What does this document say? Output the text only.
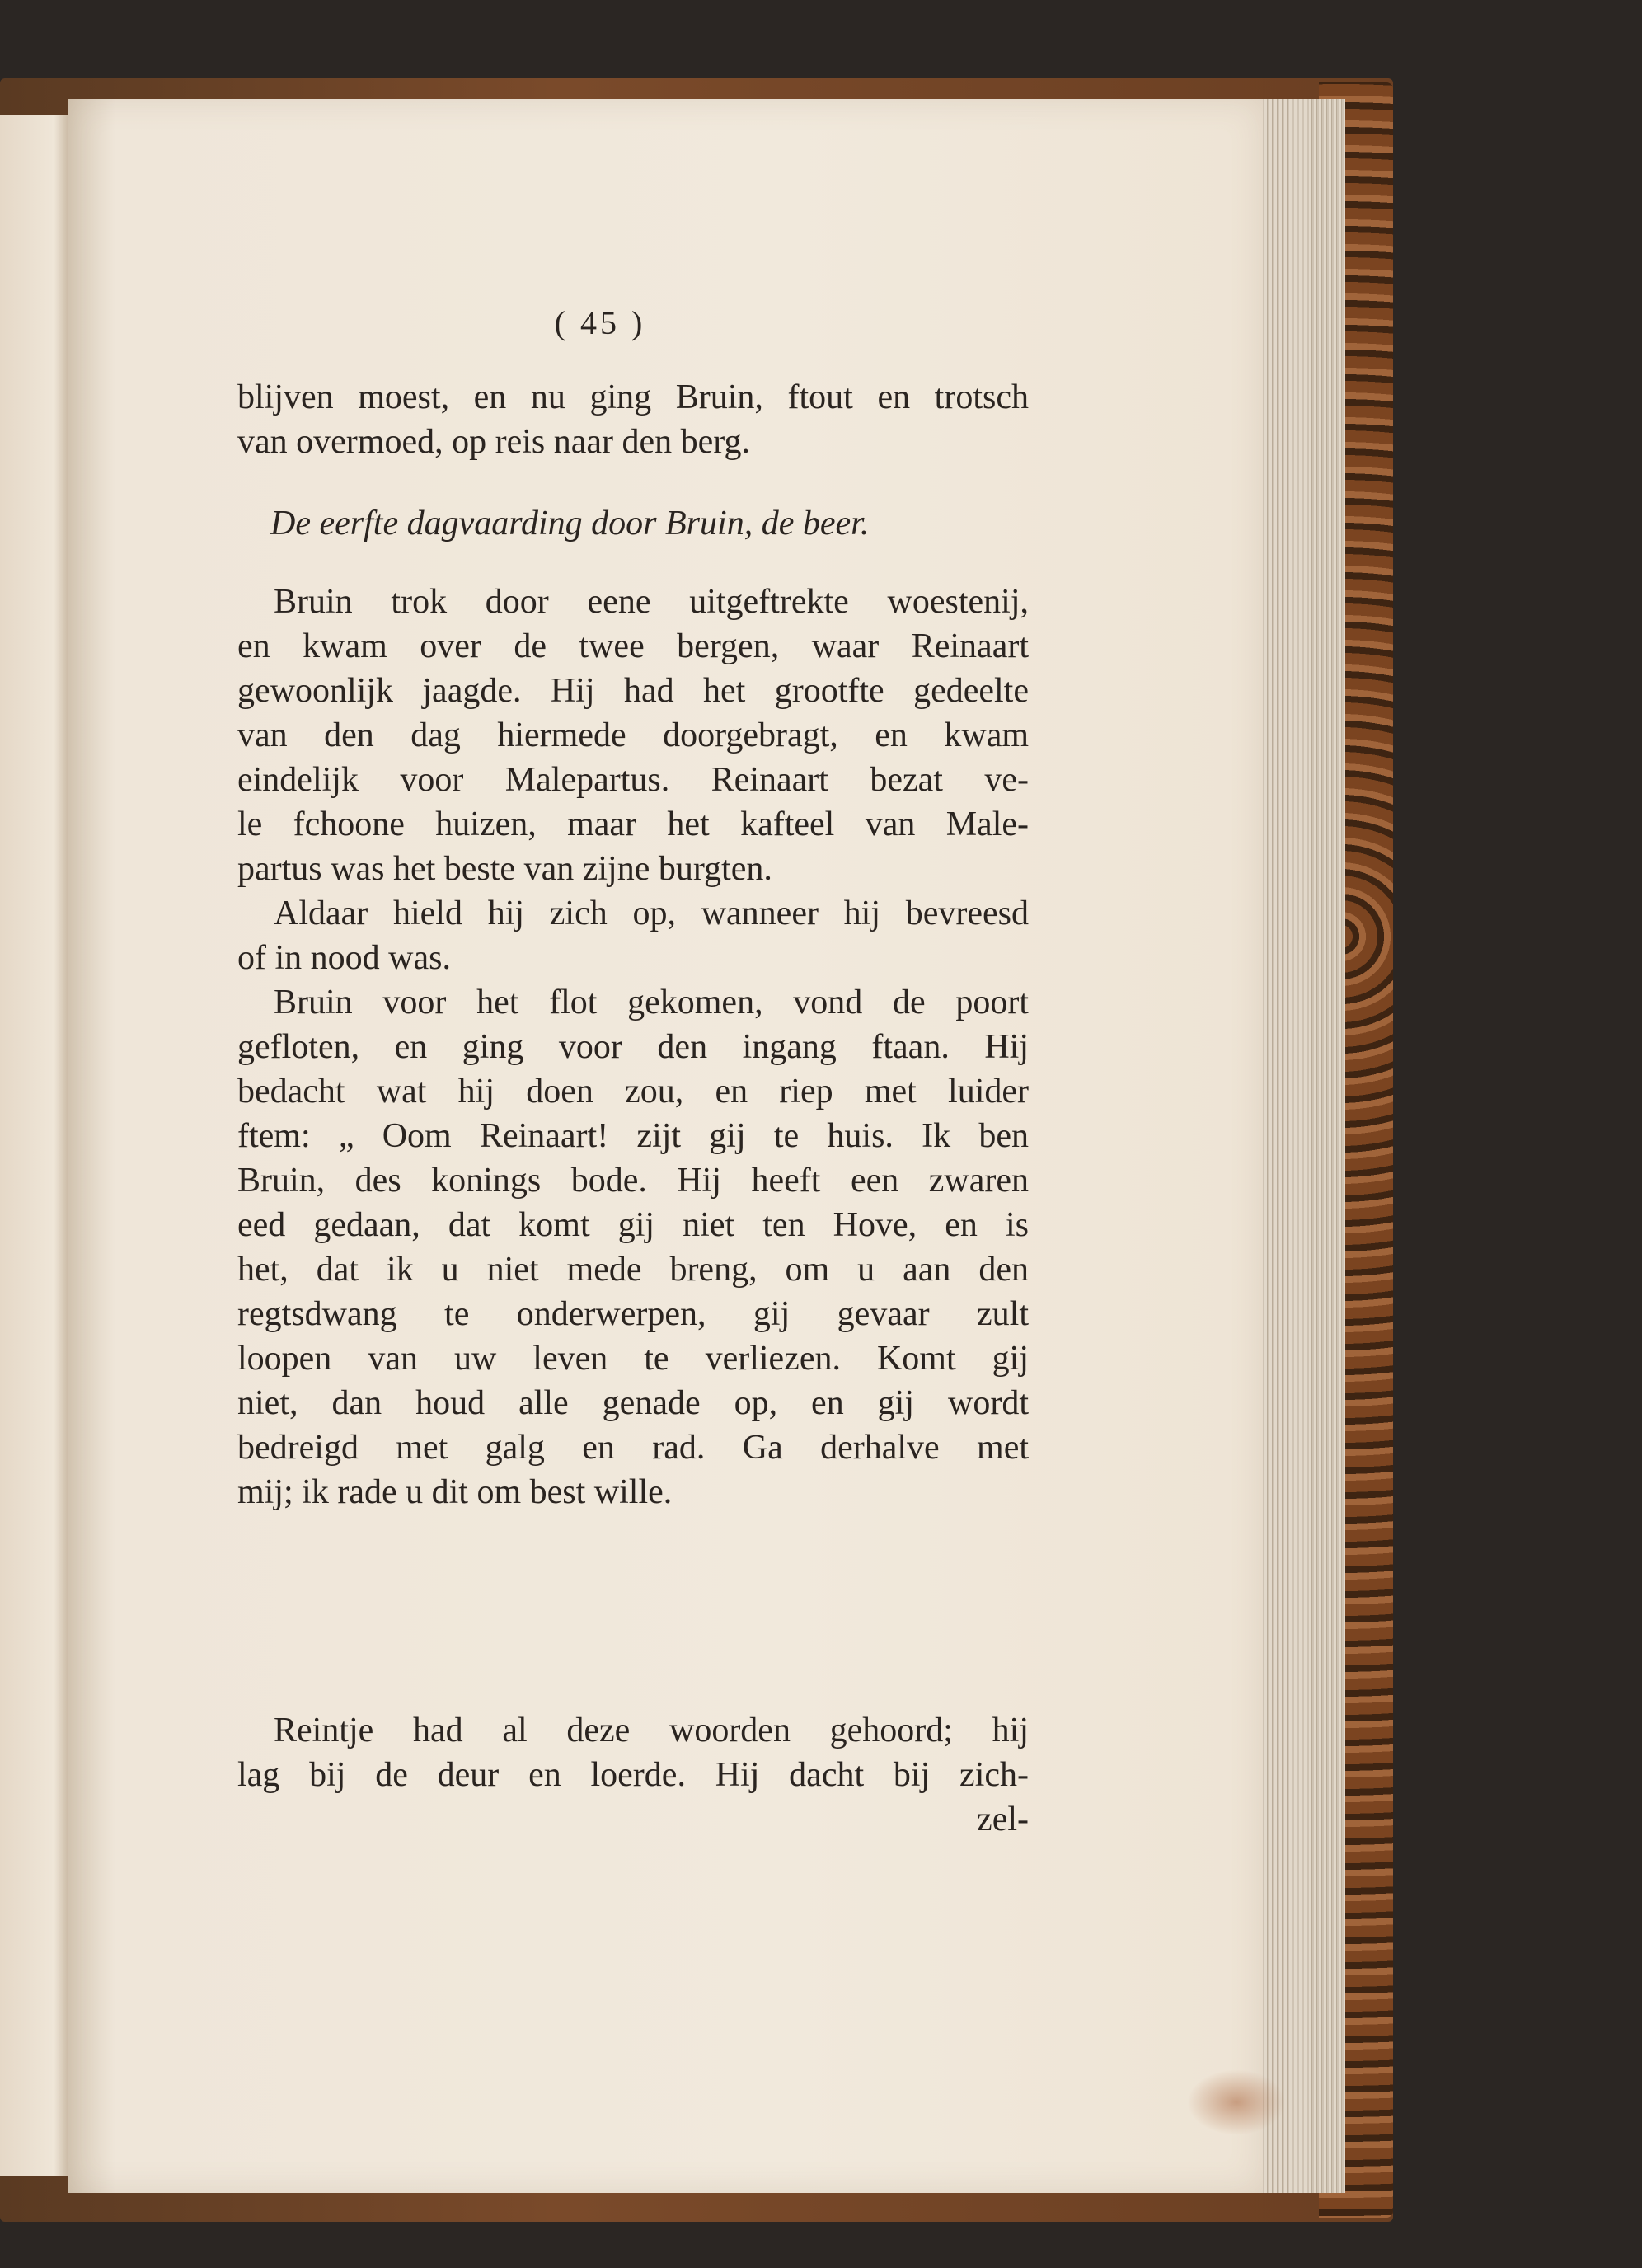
( 45 )
blijven moest, en nu ging Bruin, ftout en trotsch
van overmoed, op reis naar den berg.
De eerfte dagvaarding door Bruin, de beer.
Bruin trok door eene uitgeftrekte woestenij,
en kwam over de twee bergen, waar Reinaart
gewoonlijk jaagde. Hij had het grootfte gedeelte
van den dag hiermede doorgebragt, en kwam
eindelijk voor Malepartus. Reinaart bezat ve-
le fchoone huizen, maar het kafteel van Male-
partus was het beste van zijne burgten.
Aldaar hield hij zich op, wanneer hij bevreesd
of in nood was.
Bruin voor het flot gekomen, vond de poort
gefloten, en ging voor den ingang ftaan. Hij
bedacht wat hij doen zou, en riep met luider
ftem: „ Oom Reinaart! zijt gij te huis. Ik ben
Bruin, des konings bode. Hij heeft een zwaren
eed gedaan, dat komt gij niet ten Hove, en is
het, dat ik u niet mede breng, om u aan den
regtsdwang te onderwerpen, gij gevaar zult
loopen van uw leven te verliezen. Komt gij
niet, dan houd alle genade op, en gij wordt
bedreigd met galg en rad. Ga derhalve met
mij; ik rade u dit om best wille.
Reintje had al deze woorden gehoord; hij
lag bij de deur en loerde. Hij dacht bij zich-
zel-
